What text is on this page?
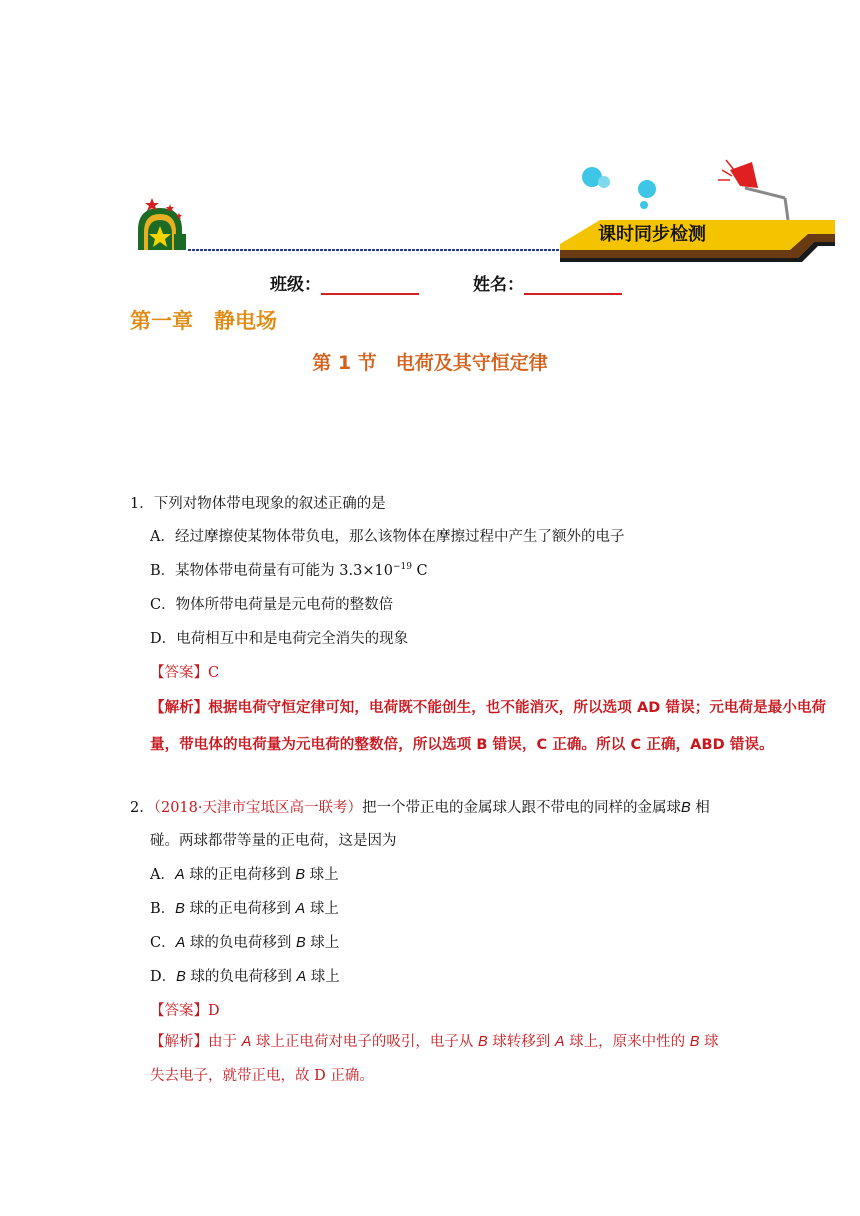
课时同步检测
班级：	姓名：
第一章　静电场
第 1 节　电荷及其守恒定律
1．下列对物体带电现象的叙述正确的是
A．经过摩擦使某物体带负电，那么该物体在摩擦过程中产生了额外的电子
B．某物体带电荷量有可能为 $3.3\times 10^{-19}$ C
C．物体所带电荷量是元电荷的整数倍
D．电荷相互中和是电荷完全消失的现象
【答案】C
【解析】根据电荷守恒定律可知，电荷既不能创生，也不能消灭，所以选项 AD 错误；元电荷是最小电荷量，带电体的电荷量为元电荷的整数倍，所以选项 B 错误，C 正确。所以 C 正确，ABD 错误。
2．（2018·天津市宝坻区高一联考）把一个带正电的金属球人跟不带电的同样的金属球B 相
碰。两球都带等量的正电荷，这是因为
A．A 球的正电荷移到 B 球上
B．B 球的正电荷移到 A 球上
C．A 球的负电荷移到 B 球上
D．B 球的负电荷移到 A 球上
【答案】D
【解析】由于 A 球上正电荷对电子的吸引，电子从 B 球转移到 A 球上，原来中性的 B 球
失去电子，就带正电，故 D 正确。
